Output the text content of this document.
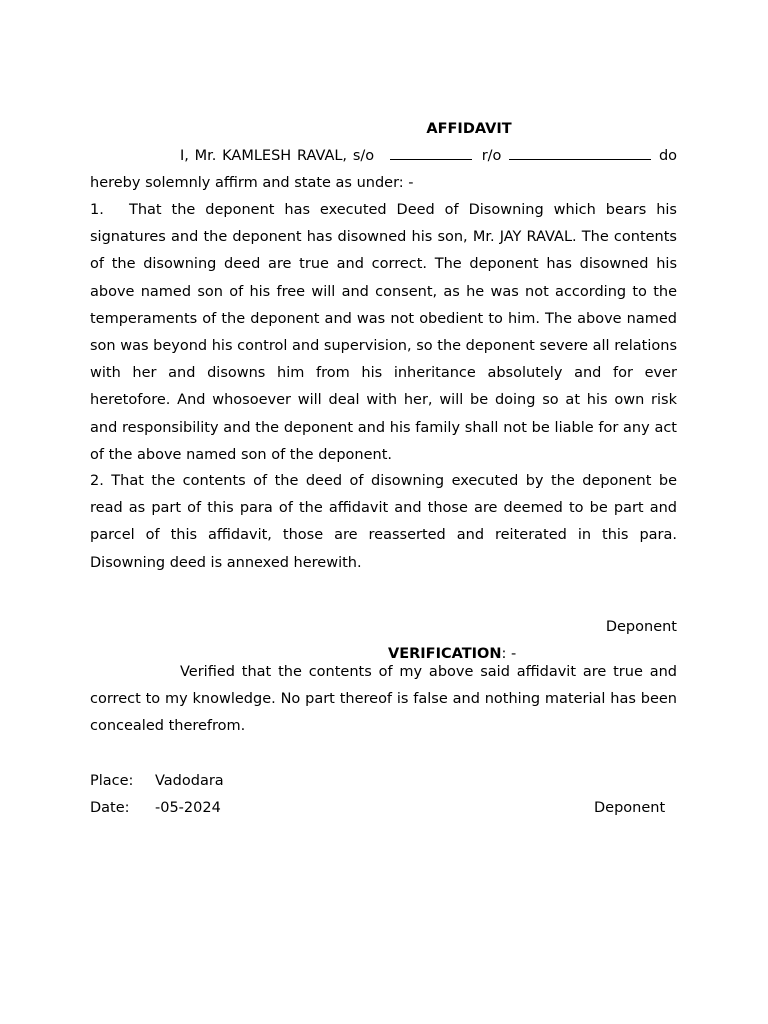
AFFIDAVIT

I, Mr. KAMLESH RAVAL, s/o	r/o	do hereby solemnly affirm and state as under: -

1. That the deponent has executed Deed of Disowning which bears his signatures and the deponent has disowned his son, Mr. JAY RAVAL. The contents of the disowning deed are true and correct. The deponent has disowned his above named son of his free will and consent, as he was not according to the temperaments of the deponent and was not obedient to him. The above named son was beyond his control and supervision, so the deponent severe all relations with her and disowns him from his inheritance absolutely and for ever heretofore. And whosoever will deal with her, will be doing so at his own risk and responsibility and the deponent and his family shall not be liable for any act of the above named son of the deponent.

2. That the contents of the deed of disowning executed by the deponent be read as part of this para of the affidavit and those are deemed to be part and parcel of this affidavit, those are reasserted and reiterated in this para. Disowning deed is annexed herewith.

Deponent
VERIFICATION: -

Verified that the contents of my above said affidavit are true and correct to my knowledge. No part thereof is false and nothing material has been concealed therefrom.

Place: Vadodara
Date: -05-2024	Deponent
